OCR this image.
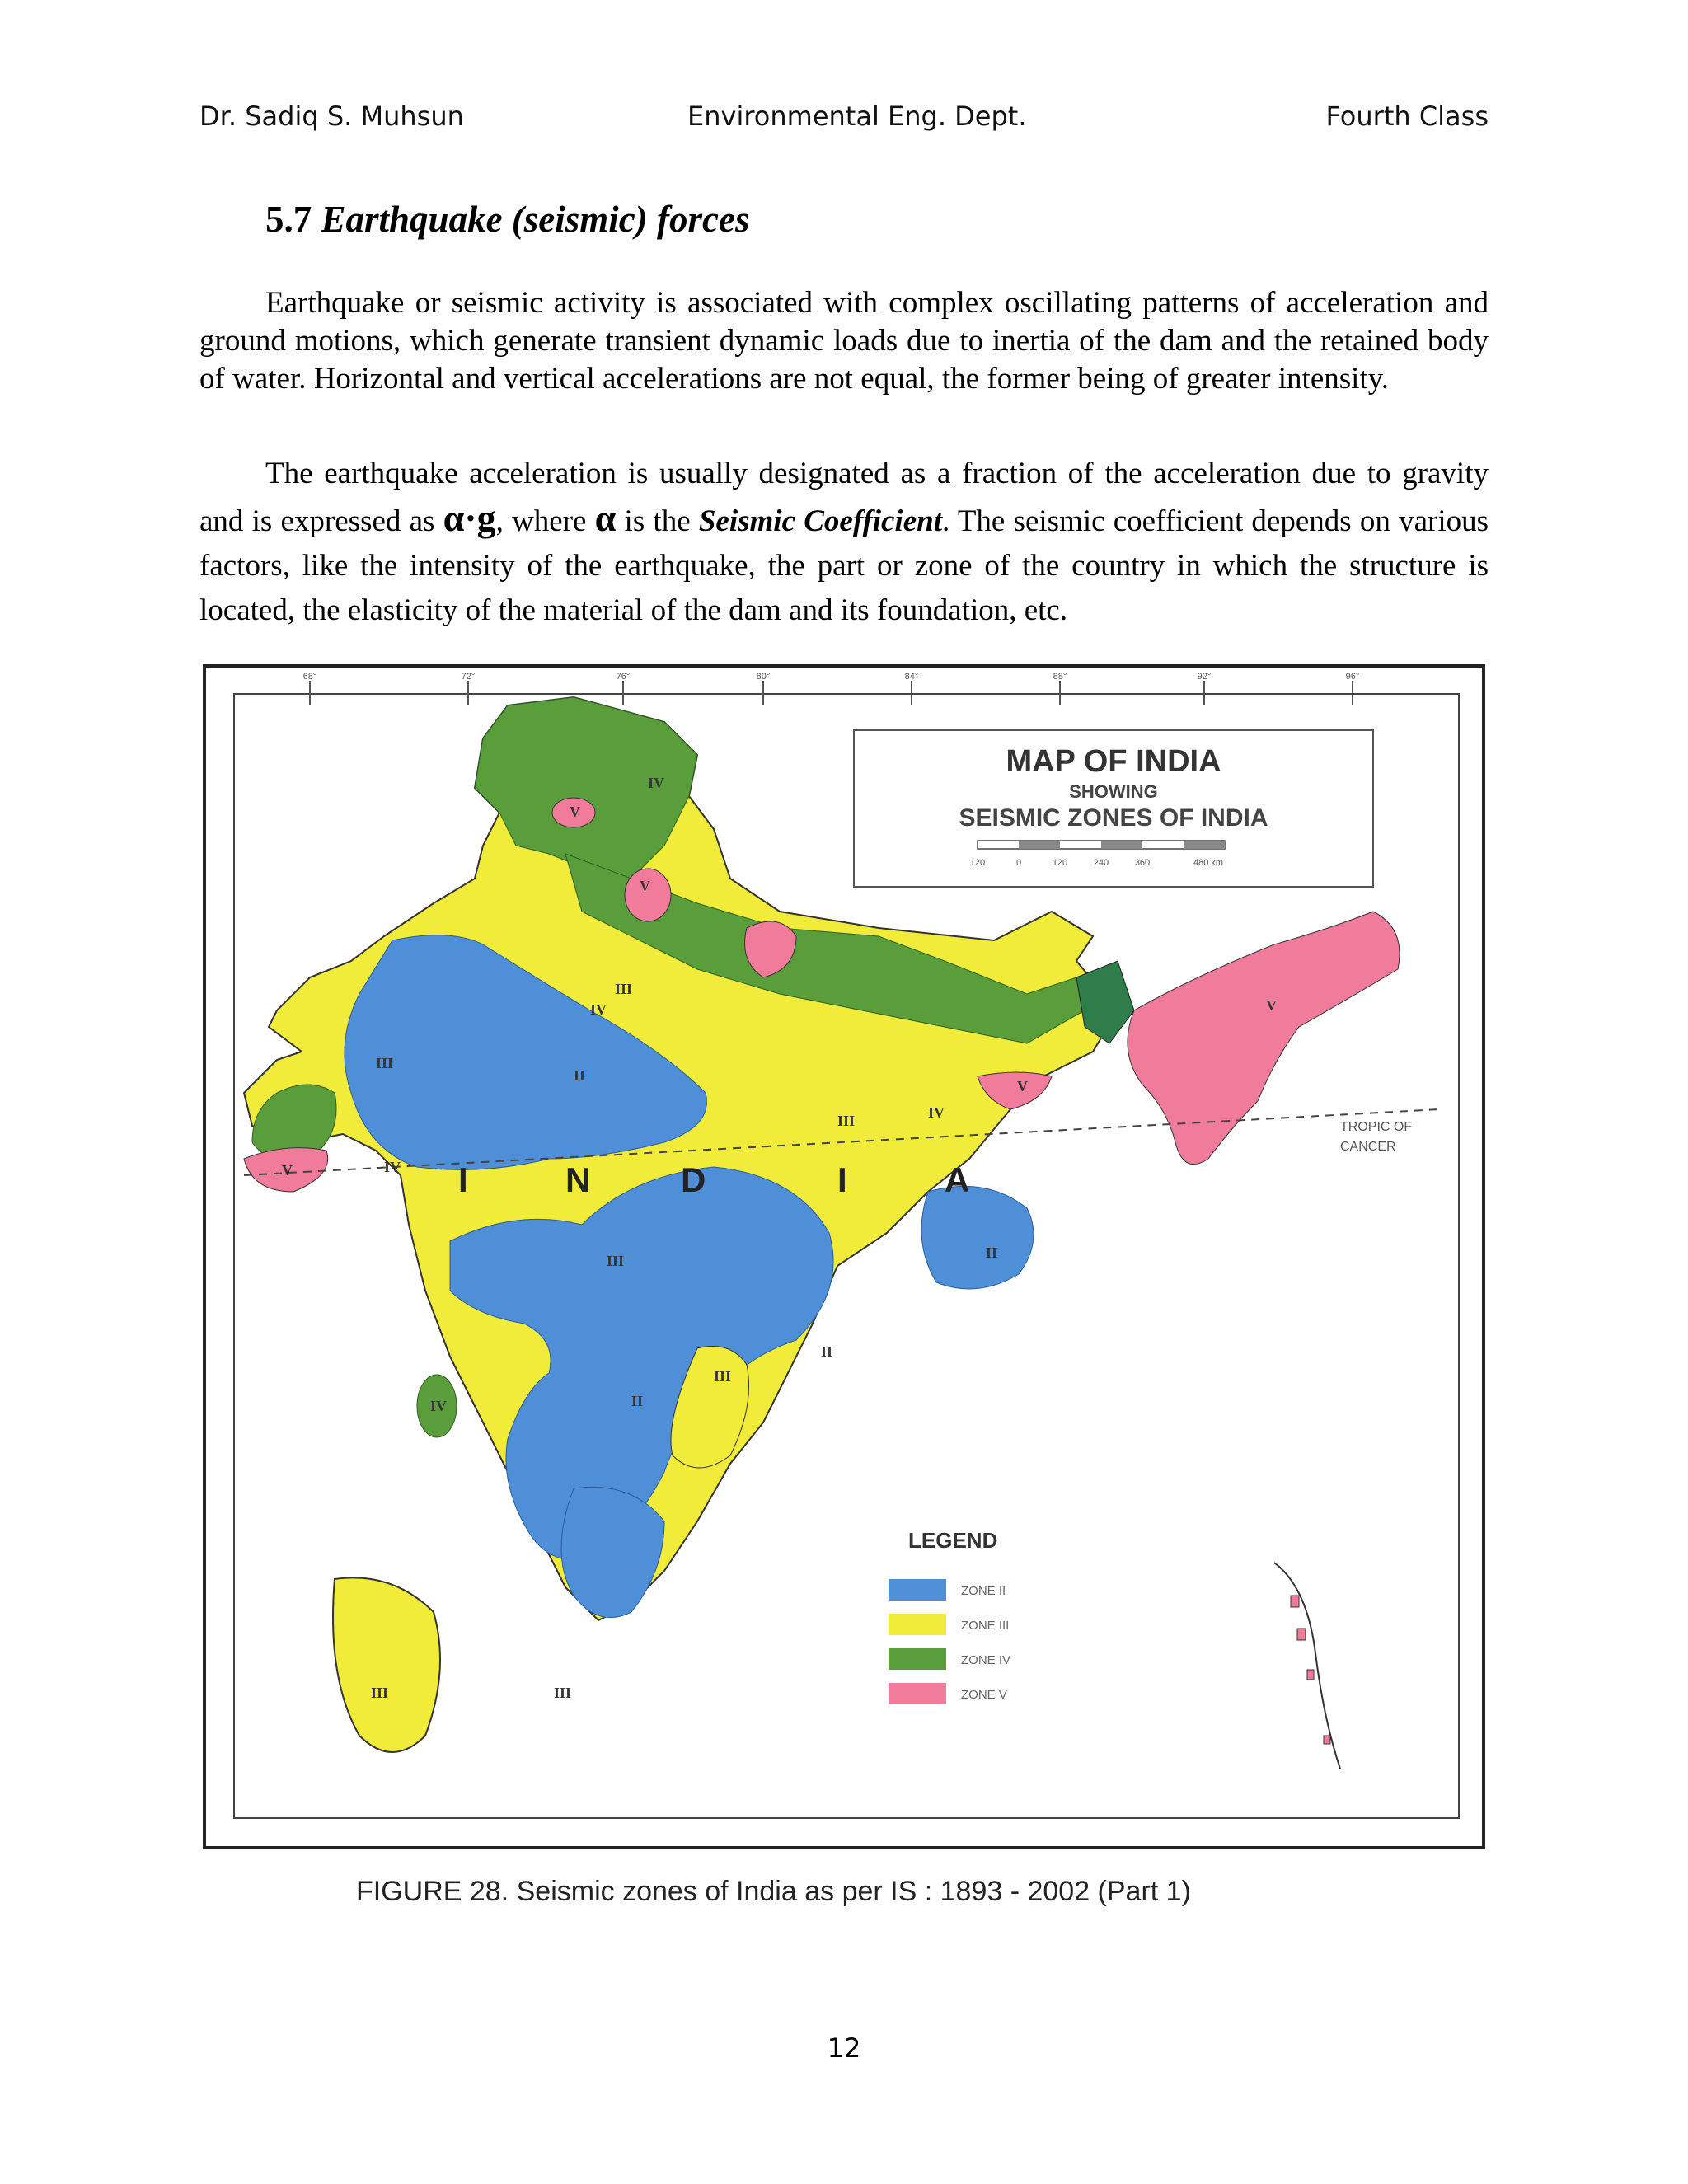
Dr. Sadiq S. Muhsun	Environmental Eng. Dept.	Fourth Class
5.7 Earthquake (seismic) forces

Earthquake or seismic activity is associated with complex oscillating patterns of acceleration and ground motions, which generate transient dynamic loads due to inertia of the dam and the retained body of water. Horizontal and vertical accelerations are not equal, the former being of greater intensity.

The earthquake acceleration is usually designated as a fraction of the acceleration due to gravity and is expressed as α·g, where α is the Seismic Coefficient. The seismic coefficient depends on various factors, like the intensity of the earthquake, the part or zone of the country in which the structure is located, the elasticity of the material of the dam and its foundation, etc.

68°	72°	76°	80°	84°	88°	92°	96°
TROPIC OF
CANCER
I	N	D	I	A
IV
IV
IV
IV
IV
III
III
III
III
III
III
III
II
II
II
II
V
V
V
V
V
MAP OF INDIA
SHOWING
SEISMIC ZONES OF INDIA
120	0	120	240	360	480 km
LEGEND
ZONE II
ZONE III
ZONE IV
ZONE V
FIGURE 28. Seismic zones of India as per IS : 1893 - 2002 (Part 1)
12
